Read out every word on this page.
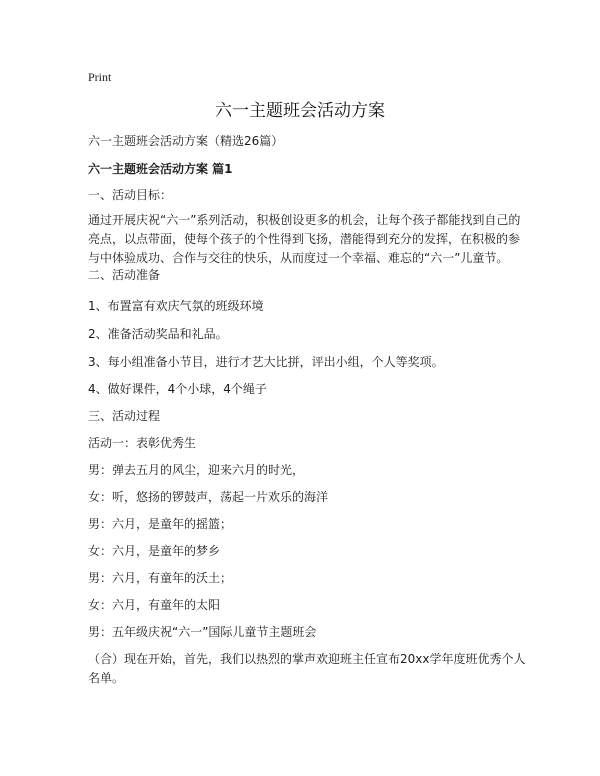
Print
六一主题班会活动方案
六一主题班会活动方案（精选26篇）
六一主题班会活动方案 篇1
一、活动目标：
通过开展庆祝“六一”系列活动，积极创设更多的机会，让每个孩子都能找到自己的亮点，以点带面，使每个孩子的个性得到飞扬，潜能得到充分的发挥，在积极的参与中体验成功、合作与交往的快乐，从而度过一个幸福、难忘的“六一”儿童节。
二、活动准备
1、布置富有欢庆气氛的班级环境
2、准备活动奖品和礼品。
3、每小组准备小节目，进行才艺大比拼，评出小组，个人等奖项。
4、做好课件，4个小球，4个绳子
三、活动过程
活动一：表彰优秀生
男：弹去五月的风尘，迎来六月的时光，
女：听，悠扬的锣鼓声，荡起一片欢乐的海洋
男：六月，是童年的摇篮；
女：六月，是童年的梦乡
男：六月，有童年的沃土；
女：六月，有童年的太阳
男：五年级庆祝“六一”国际儿童节主题班会
（合）现在开始，首先，我们以热烈的掌声欢迎班主任宣布20xx学年度班优秀个人名单。
